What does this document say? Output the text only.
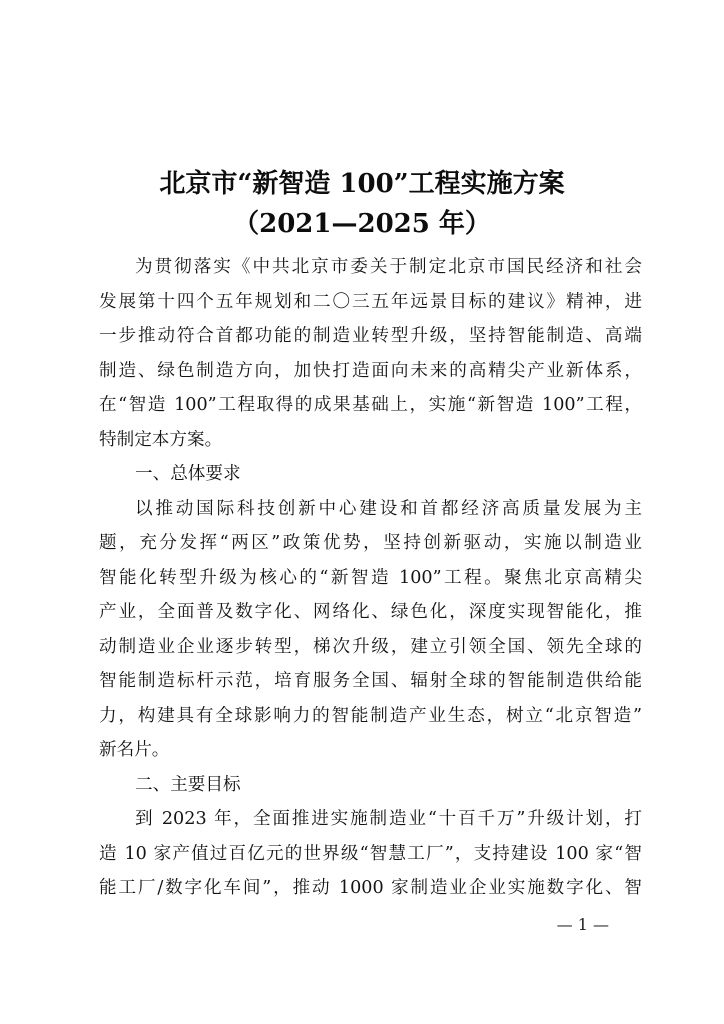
北京市“新智造 100”工程实施方案
（2021—2025 年）
为贯彻落实《中共北京市委关于制定北京市国民经济和社会
发展第十四个五年规划和二〇三五年远景目标的建议》精神，进
一步推动符合首都功能的制造业转型升级，坚持智能制造、高端
制造、绿色制造方向，加快打造面向未来的高精尖产业新体系，
在“智造 100”工程取得的成果基础上，实施“新智造 100”工程，
特制定本方案。
一、总体要求
以推动国际科技创新中心建设和首都经济高质量发展为主
题，充分发挥“两区”政策优势，坚持创新驱动，实施以制造业
智能化转型升级为核心的“新智造 100”工程。聚焦北京高精尖
产业，全面普及数字化、网络化、绿色化，深度实现智能化，推
动制造业企业逐步转型，梯次升级，建立引领全国、领先全球的
智能制造标杆示范，培育服务全国、辐射全球的智能制造供给能
力，构建具有全球影响力的智能制造产业生态，树立“北京智造”
新名片。
二、主要目标
到 2023 年，全面推进实施制造业“十百千万”升级计划，打
造 10 家产值过百亿元的世界级“智慧工厂”，支持建设 100 家“智
能工厂/数字化车间”，推动 1000 家制造业企业实施数字化、智
— 1 —
